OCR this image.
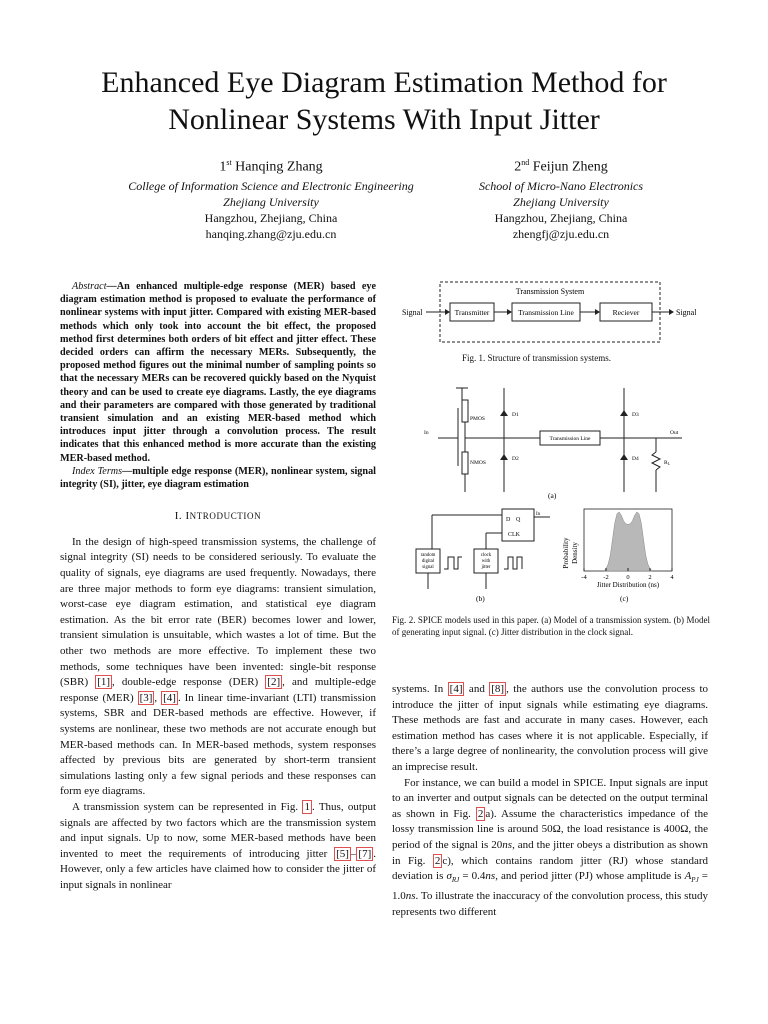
Enhanced Eye Diagram Estimation Method for
Nonlinear Systems With Input Jitter
1st Hanqing Zhang
College of Information Science and Electronic Engineering
Zhejiang University
Hangzhou, Zhejiang, China
hanqing.zhang@zju.edu.cn
2nd Feijun Zheng
School of Micro-Nano Electronics
Zhejiang University
Hangzhou, Zhejiang, China
zhengfj@zju.edu.cn

Abstract—An enhanced multiple-edge response (MER) based eye diagram estimation method is proposed to evaluate the performance of nonlinear systems with input jitter. Compared with existing MER-based methods which only took into account the bit effect, the proposed method first determines both orders of bit effect and jitter effect. These decided orders can affirm the necessary MERs. Subsequently, the proposed method figures out the minimal number of sampling points so that the necessary MERs can be recovered quickly based on the Nyquist theory and can be used to create eye diagrams. Lastly, the eye diagrams and their parameters are compared with those generated by traditional transient simulation and an existing MER-based method which introduces input jitter through a convolution process. The result indicates that this enhanced method is more accurate than the existing MER-based method.

Index Terms—multiple edge response (MER), nonlinear system, signal integrity (SI), jitter, eye diagram estimation

I. INTRODUCTION

In the design of high-speed transmission systems, the challenge of signal integrity (SI) needs to be considered seriously. To evaluate the quality of signals, eye diagrams are used frequently. Nowadays, there are three major methods to form eye diagrams: transient simulation, worst-case eye diagram estimation, and statistical eye diagram estimation. As the bit error rate (BER) becomes lower and lower, transient simulation is unsuitable, which wastes a lot of time. But the other two methods are more effective. To implement these two methods, some techniques have been invented: single-bit response (SBR) [1] , double-edge response (DER) [2] , and multiple-edge response (MER) [3] , [4] . In linear time-invariant (LTI) transmission systems, SBR and DER-based methods are effective. However, if systems are nonlinear, these two methods are not accurate enough but MER-based methods can. In MER-based methods, system responses affected by previous bits are generated by short-term transient simulations lasting only a few signal periods and these responses can form eye diagrams.

A transmission system can be represented in Fig. 1 . Thus, output signals are affected by two factors which are the transmission system and input signals. Up to now, some MER-based methods have been invented to meet the requirements of introducing jitter [5] – [7] . However, only a few articles have claimed how to consider the jitter of input signals in nonlinear

Transmission System
Signal	Transmitter	Transmission Line	Reciever	Signal
Fig. 1. Structure of transmission systems.
PMOS
NMOS
In
D1
D2
Transmission Line
Out
D3
D4
RL
(a)
D Q
CLK
In
random
digital
signal
clock
with
jitter
(b)
Probability Density
-4	-2	0	2	4
Jitter Distribution (ns)
(c)
Fig. 2. SPICE models used in this paper. (a) Model of a transmission system. (b) Model of generating input signal. (c) Jitter distribution in the clock signal.

systems. In [4] and [8] , the authors use the convolution process to introduce the jitter of input signals while estimating eye diagrams. These methods are fast and accurate in many cases. However, each estimation method has cases where it is not applicable. Especially, if there’s a large degree of nonlinearity, the convolution process will give an imprecise result.

For instance, we can build a model in SPICE. Input signals are input to an inverter and output signals can be detected on the output terminal as shown in Fig. 2 a). Assume the characteristics impedance of the lossy transmission line is around 50Ω, the load resistance is 400Ω, the period of the signal is 20ns, and the jitter obeys a distribution as shown in Fig. 2 c), which contains random jitter (RJ) whose standard deviation is $\sigma_{RJ} = 0.4ns$, and period jitter (PJ) whose amplitude is $A_{PJ} = 1.0ns$. To illustrate the inaccuracy of the convolution process, this study represents two different
